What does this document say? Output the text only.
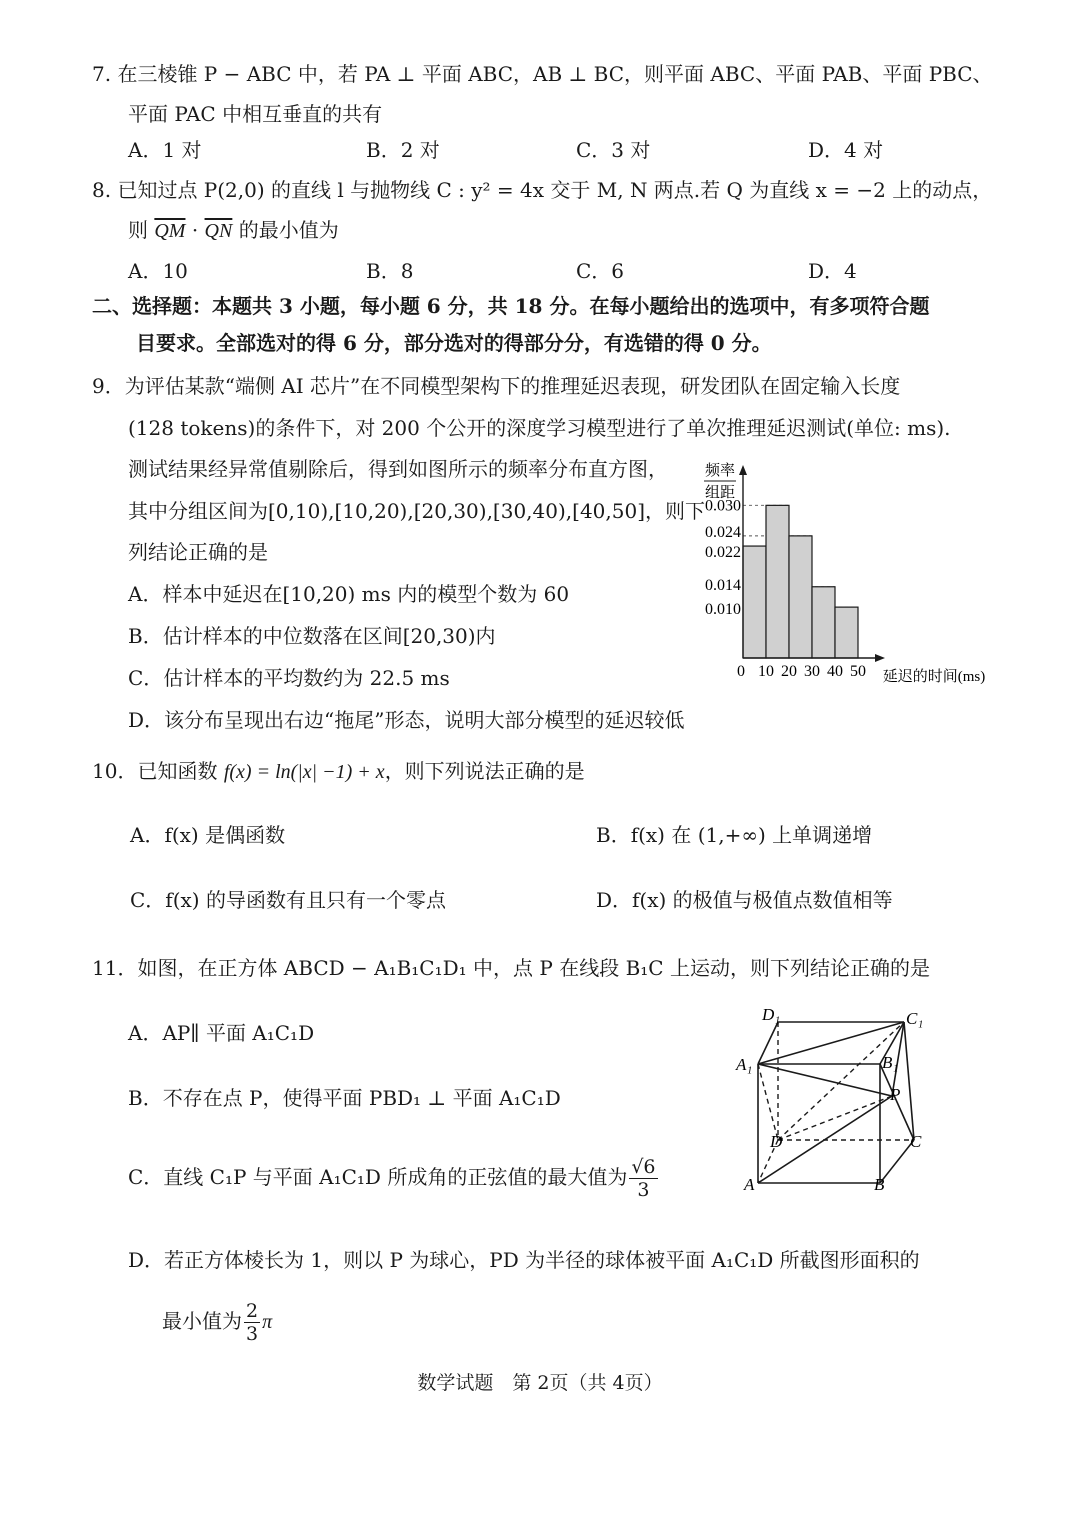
7. 在三棱锥 P − ABC 中，若 PA ⊥ 平面 ABC，AB ⊥ BC，则平面 ABC、平面 PAB、平面 PBC、
平面 PAC 中相互垂直的共有
A．1 对	B．2 对	C．3 对	D．4 对
8. 已知过点 P(2,0) 的直线 l 与抛物线 C : y² = 4x 交于 M, N 两点.若 Q 为直线 x = −2 上的动点，
则 $\overline{QM} \cdot \overline{QN}$ 的最小值为
A．10	B．8	C．6	D．4
二、选择题：本题共 3 小题，每小题 6 分，共 18 分。在每小题给出的选项中，有多项符合题
目要求。全部选对的得 6 分，部分选对的得部分分，有选错的得 0 分。
9．为评估某款“端侧 AI 芯片”在不同模型架构下的推理延迟表现，研发团队在固定输入长度
(128 tokens)的条件下，对 200 个公开的深度学习模型进行了单次推理延迟测试(单位: ms).
测试结果经异常值剔除后，得到如图所示的频率分布直方图，
其中分组区间为[0,10),[10,20),[20,30),[30,40),[40,50]，则下
列结论正确的是
A．样本中延迟在[10,20) ms 内的模型个数为 60
B．估计样本的中位数落在区间[20,30)内
C．估计样本的平均数约为 22.5 ms
D．该分布呈现出右边“拖尾”形态，说明大部分模型的延迟较低
频率
组距
0.030
0.024
0.022
0.014
0.010
0 10 20 30 40 50 延迟的时间(ms)
10．已知函数 f(x) = ln(|x| −1) + x，则下列说法正确的是
A．f(x) 是偶函数	B．f(x) 在 (1,+∞) 上单调递增
C．f(x) 的导函数有且只有一个零点	D．f(x) 的极值与极值点数值相等
11．如图，在正方体 ABCD − A₁B₁C₁D₁ 中，点 P 在线段 B₁C 上运动，则下列结论正确的是
A．AP∥ 平面 A₁C₁D
B．不存在点 P，使得平面 PBD₁ ⊥ 平面 A₁C₁D
C．直线 C₁P 与平面 A₁C₁D 所成角的正弦值的最大值为 $\frac{√6}{3}$
D．若正方体棱长为 1，则以 P 为球心，PD 为半径的球体被平面 A₁C₁D 所截图形面积的
最小值为 $\frac{2}{3}$ π
D₁	C₁
A₁	B₁
P
D	C
A	B
数学试题　第 2页（共 4页）
